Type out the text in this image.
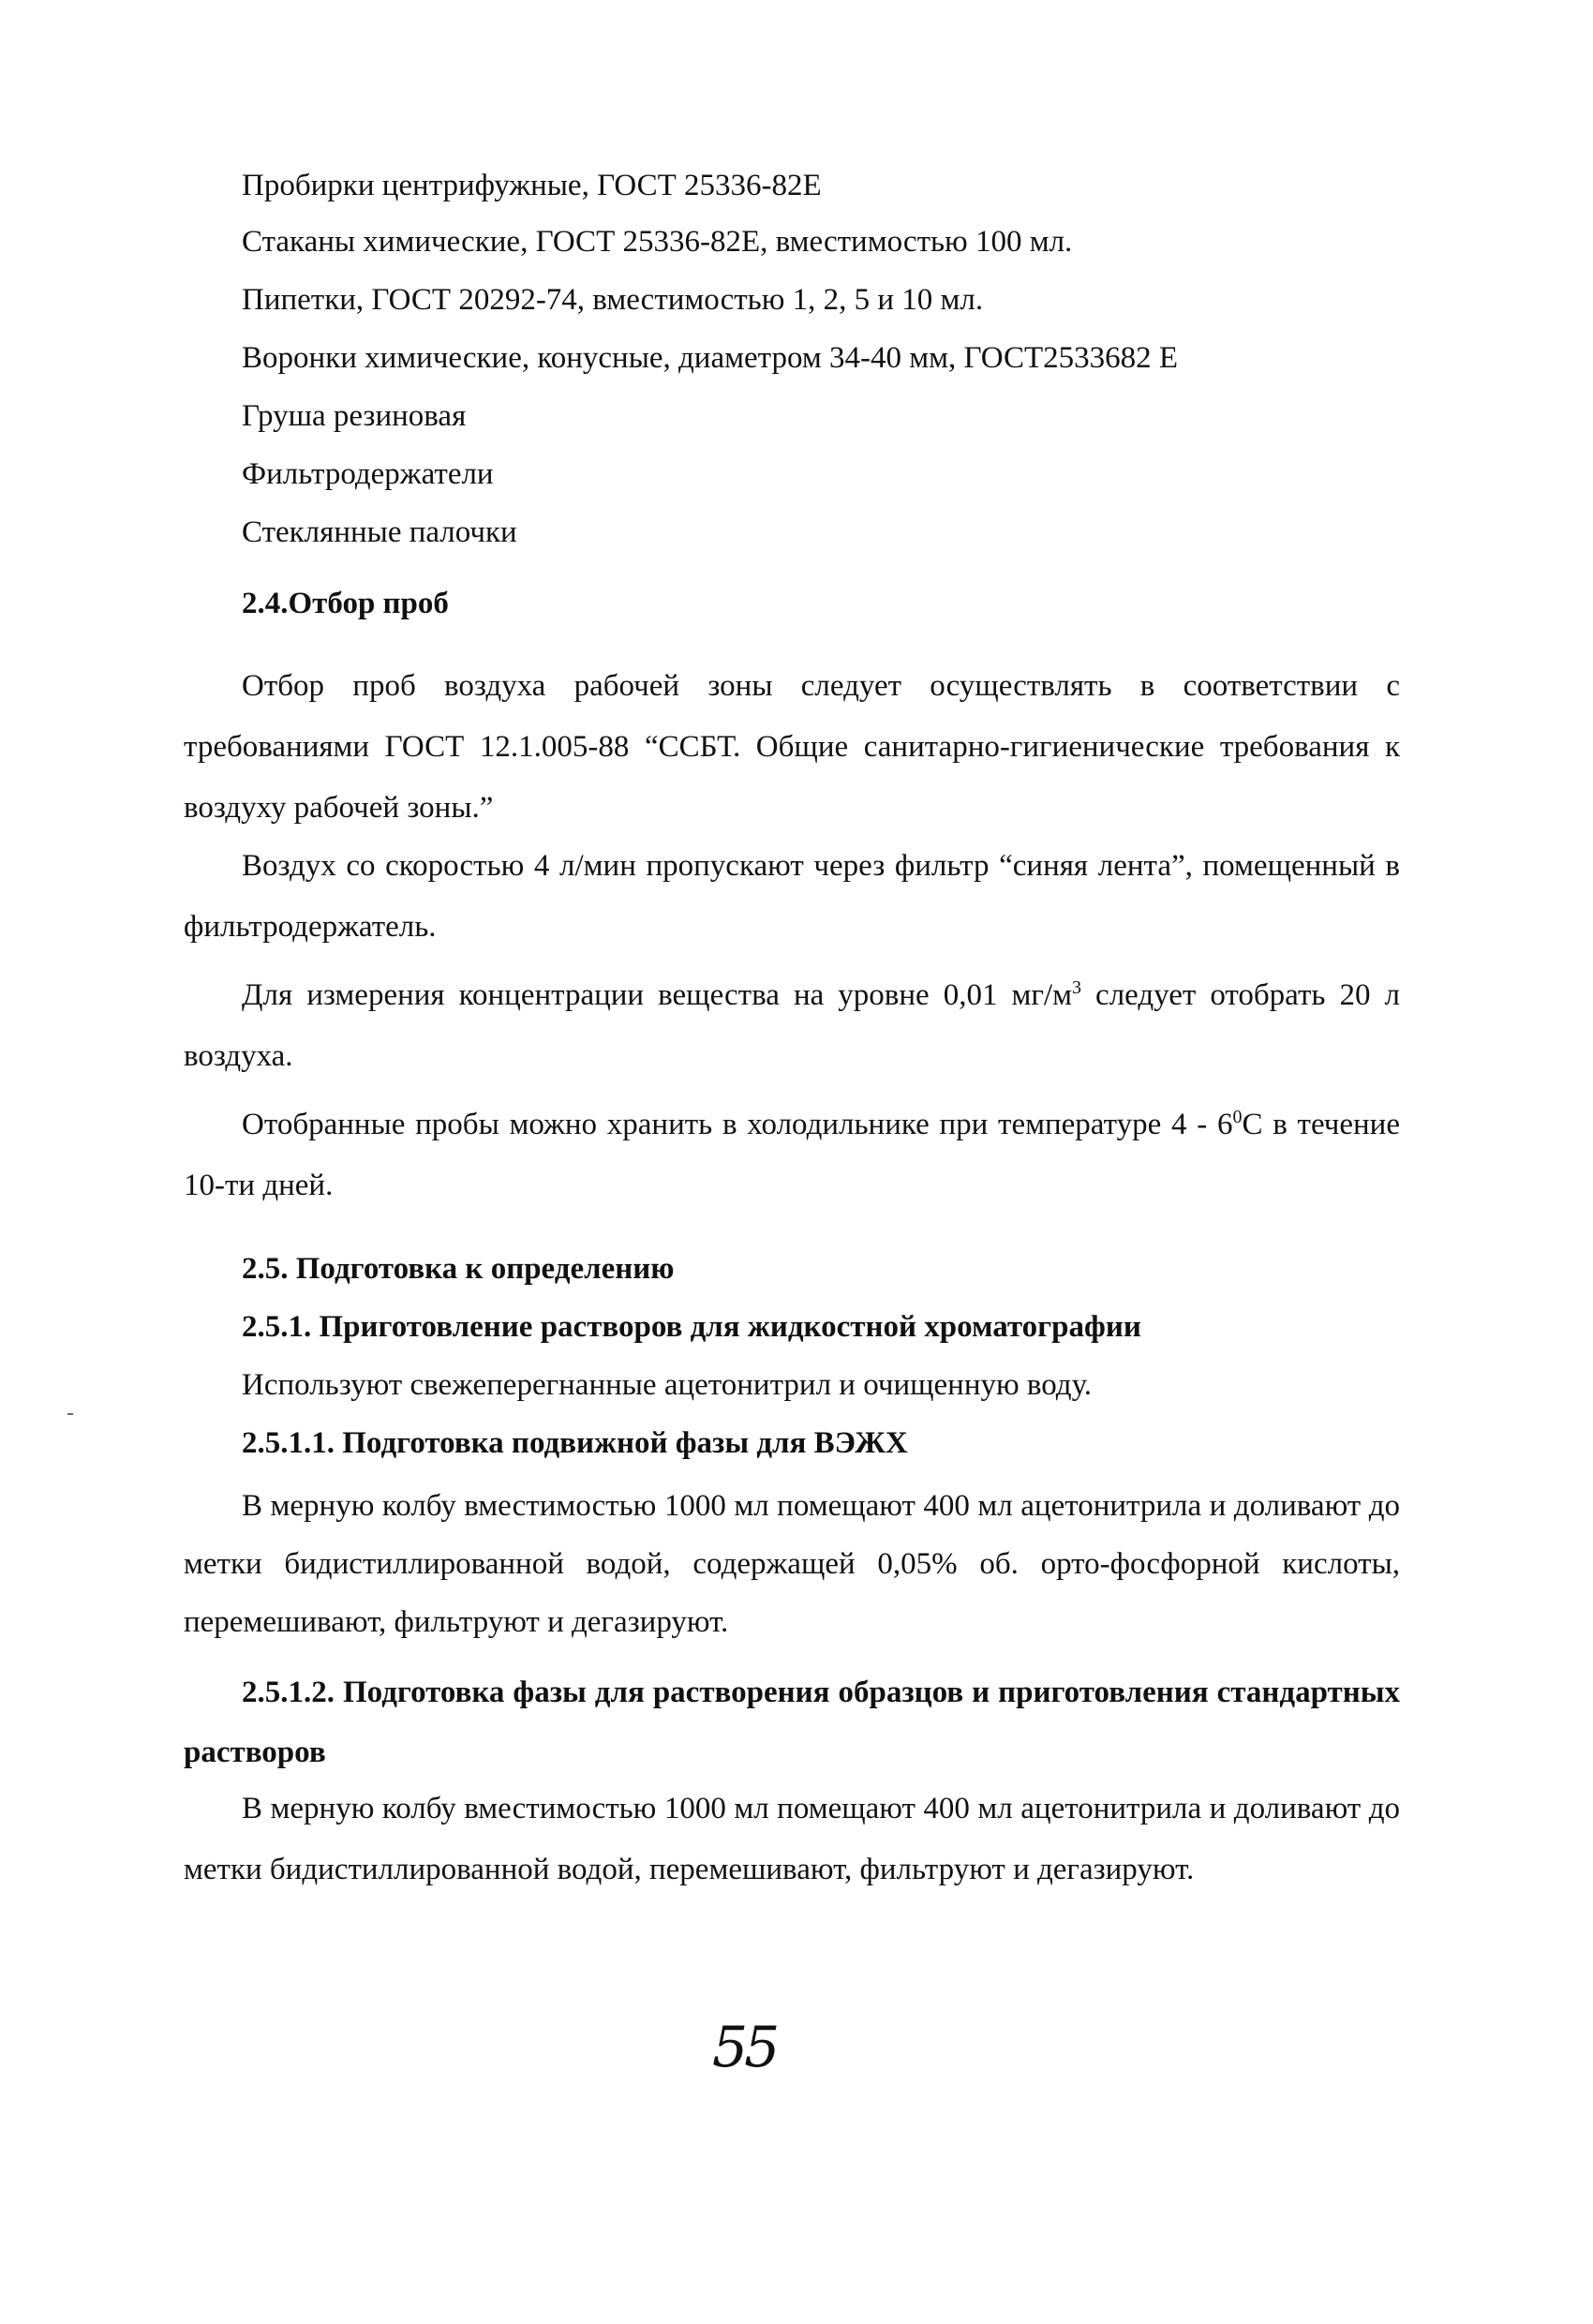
Пробирки центрифужные, ГОСТ 25336-82Е
Стаканы химические, ГОСТ 25336-82Е, вместимостью 100 мл.
Пипетки, ГОСТ 20292-74, вместимостью 1, 2, 5 и 10 мл.
Воронки химические, конусные, диаметром 34-40 мм, ГОСТ2533682 Е
Груша резиновая
Фильтродержатели
Стеклянные палочки
2.4.Отбор проб
Отбор проб воздуха рабочей зоны следует осуществлять в соответствии с требованиями ГОСТ 12.1.005-88 “ССБТ. Общие санитарно-гигиенические требования к воздуху рабочей зоны.”
Воздух со скоростью 4 л/мин пропускают через фильтр “синяя лента”, помещенный в фильтродержатель.
Для измерения концентрации вещества на уровне 0,01 $мг/м^3$ следует отобрать 20 л воздуха.
Отобранные пробы можно хранить в холодильнике при температуре $4 - 6^0С$ в течение 10-ти дней.
2.5. Подготовка к определению
2.5.1. Приготовление растворов для жидкостной хроматографии
Используют свежеперегнанные ацетонитрил и очищенную воду.
2.5.1.1. Подготовка подвижной фазы для ВЭЖХ
В мерную колбу вместимостью 1000 мл помещают 400 мл ацетонитрила и доливают до метки бидистиллированной водой, содержащей 0,05% об. орто-фосфорной кислоты, перемешивают, фильтруют и дегазируют.
2.5.1.2. Подготовка фазы для растворения образцов и приготовления стандартных растворов
В мерную колбу вместимостью 1000 мл помещают 400 мл ацетонитрила и доливают до метки бидистиллированной водой, перемешивают, фильтруют и дегазируют.
55
